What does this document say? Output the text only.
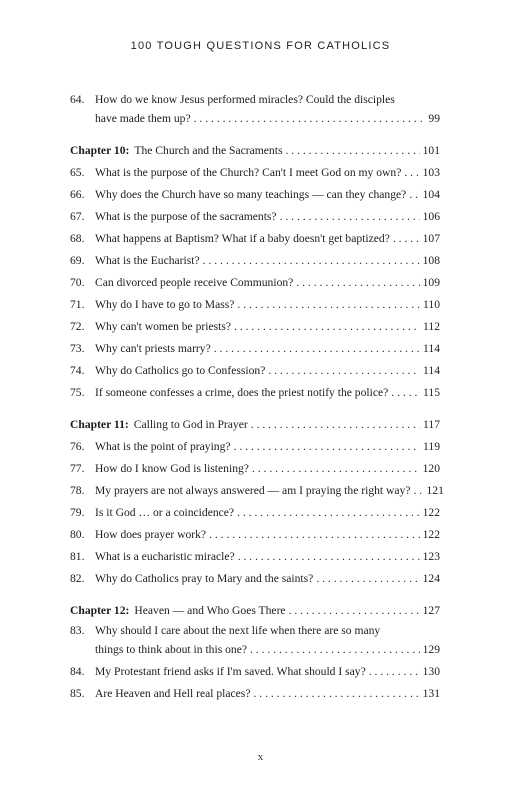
100 TOUGH QUESTIONS FOR CATHOLICS
64. How do we know Jesus performed miracles? Could the disciples
have made them up? . . .	99
Chapter 10: The Church and the Sacraments . . .	101
65. What is the purpose of the Church? Can't I meet God on my own? . . . 103
66. Why does the Church have so many teachings — can they change? . . . 104
67. What is the purpose of the sacraments? . . .	106
68. What happens at Baptism? What if a baby doesn't get baptized? . . .	107
69. What is the Eucharist? . . .	108
70. Can divorced people receive Communion? . . .	109
71. Why do I have to go to Mass? . . .	110
72. Why can't women be priests? . . .	112
73. Why can't priests marry? . . .	114
74. Why do Catholics go to Confession? . . .	114
75. If someone confesses a crime, does the priest notify the police? . . .	115
Chapter 11: Calling to God in Prayer . . .	117
76. What is the point of praying? . . .	119
77. How do I know God is listening? . . .	120
78. My prayers are not always answered — am I praying the right way? . . . 121
79. Is it God … or a coincidence? . . .	122
80. How does prayer work? . . .	122
81. What is a eucharistic miracle? . . .	123
82. Why do Catholics pray to Mary and the saints? . . .	124
Chapter 12: Heaven — and Who Goes There . . .	127
83. Why should I care about the next life when there are so many
things to think about in this one? . . .	129
84. My Protestant friend asks if I'm saved. What should I say? . . .	130
85. Are Heaven and Hell real places? . . .	131
x
